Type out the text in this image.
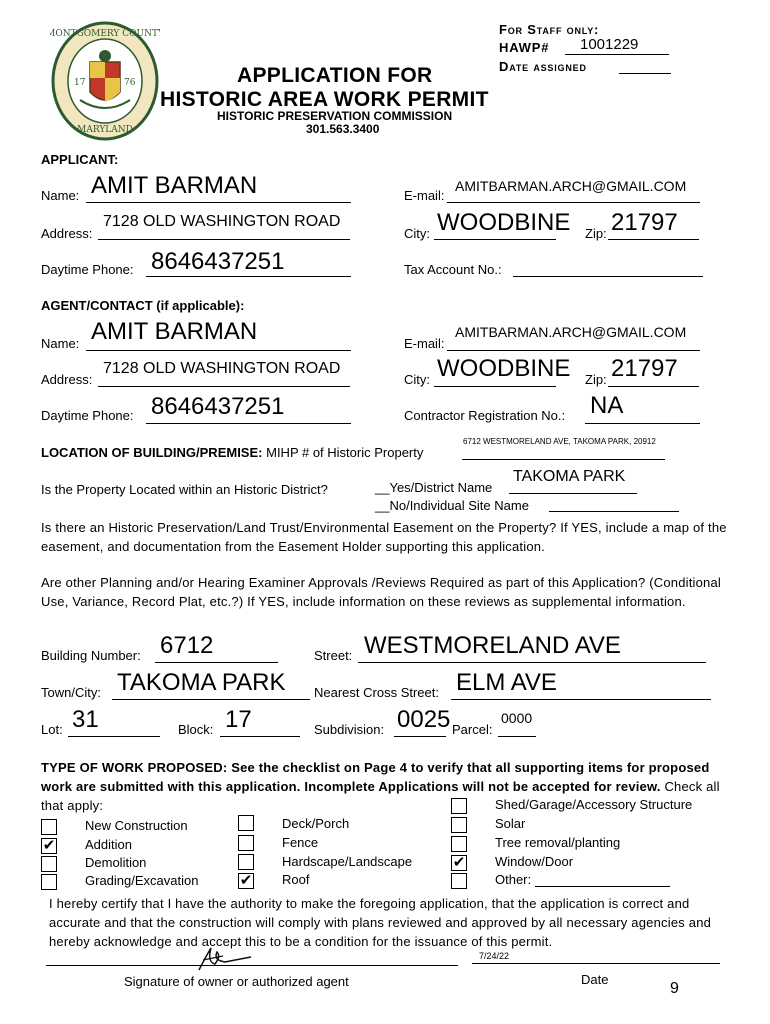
For Staff only:
HAWP# 1001229
Date assigned
MONTGOMERY COUNTY
17	76
MARYLAND
APPLICATION FOR
HISTORIC AREA WORK PERMIT
HISTORIC PRESERVATION COMMISSION
301.563.3400
APPLICANT:
Name: AMIT BARMAN	E-mail:
AMITBARMAN.ARCH@GMAIL.COM
Address:
7128 OLD WASHINGTON ROAD
City: WOODBINE Zip: 21797
Daytime Phone: 8646437251	Tax Account No.:
AGENT/CONTACT (if applicable):
Name: AMIT BARMAN	E-mail:
AMITBARMAN.ARCH@GMAIL.COM
Address:
7128 OLD WASHINGTON ROAD
City: WOODBINE Zip: 21797
Daytime Phone: 8646437251	Contractor Registration No.: NA
6712 WESTMORELAND AVE, TAKOMA PARK, 20912
LOCATION OF BUILDING/PREMISE: MIHP # of Historic Property
Is the Property Located within an Historic District?	__Yes/District Name
TAKOMA PARK
__No/Individual Site Name
Is there an Historic Preservation/Land Trust/Environmental Easement on the Property? If YES, include a map of the easement, and documentation from the Easement Holder supporting this application.
Are other Planning and/or Hearing Examiner Approvals /Reviews Required as part of this Application? (Conditional Use, Variance, Record Plat, etc.?) If YES, include information on these reviews as supplemental information.
Building Number: 6712	Street: WESTMORELAND AVE
Town/City: TAKOMA PARK Nearest Cross Street: ELM AVE
Lot: 31	Block: 17	Subdivision: 0025 Parcel:
0000
TYPE OF WORK PROPOSED: See the checklist on Page 4 to verify that all supporting items for proposed work are submitted with this application. Incomplete Applications will not be accepted for review. Check all that apply:
New Construction
✔ Addition
Demolition
Grading/Excavation
Deck/Porch
Fence
Hardscape/Landscape
✔ Roof
Shed/Garage/Accessory Structure
Solar
Tree removal/planting
✔ Window/Door
Other:
I hereby certify that I have the authority to make the foregoing application, that the application is correct and accurate and that the construction will comply with plans reviewed and approved by all necessary agencies and hereby acknowledge and accept this to be a condition for the issuance of this permit.
7/24/22
Signature of owner or authorized agent	Date
9
